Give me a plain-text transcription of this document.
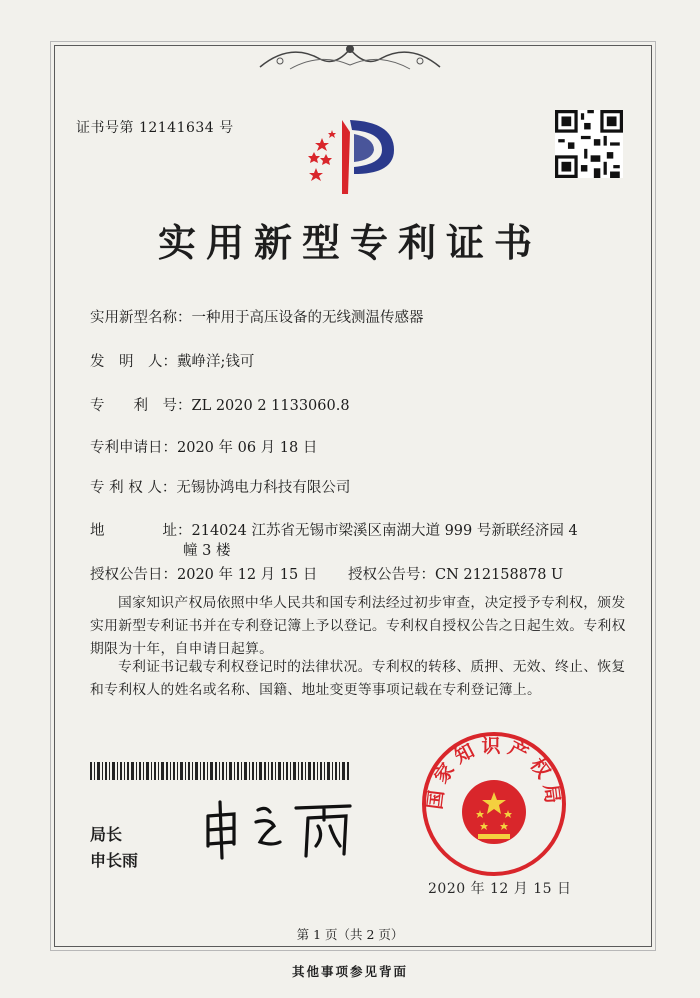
证书号第 12141634 号
实用新型专利证书
实用新型名称：一种用于高压设备的无线测温传感器
发　明　人：戴峥洋;钱可
专　　利　号：ZL 2020 2 1133060.8
专利申请日：2020 年 06 月 18 日
专 利 权 人：无锡协鸿电力科技有限公司
地　　　　址：214024 江苏省无锡市梁溪区南湖大道 999 号新联经济园 4
幢 3 楼
授权公告日：2020 年 12 月 15 日 授权公告号：CN 212158878 U
国家知识产权局依照中华人民共和国专利法经过初步审查，决定授予专利权，颁发实用新型专利证书并在专利登记簿上予以登记。专利权自授权公告之日起生效。专利权期限为十年，自申请日起算。
专利证书记载专利权登记时的法律状况。专利权的转移、质押、无效、终止、恢复和专利权人的姓名或名称、国籍、地址变更等事项记载在专利登记簿上。
局长
申长雨
国家知识产权局
2020 年 12 月 15 日
第 1 页（共 2 页）
其他事项参见背面
